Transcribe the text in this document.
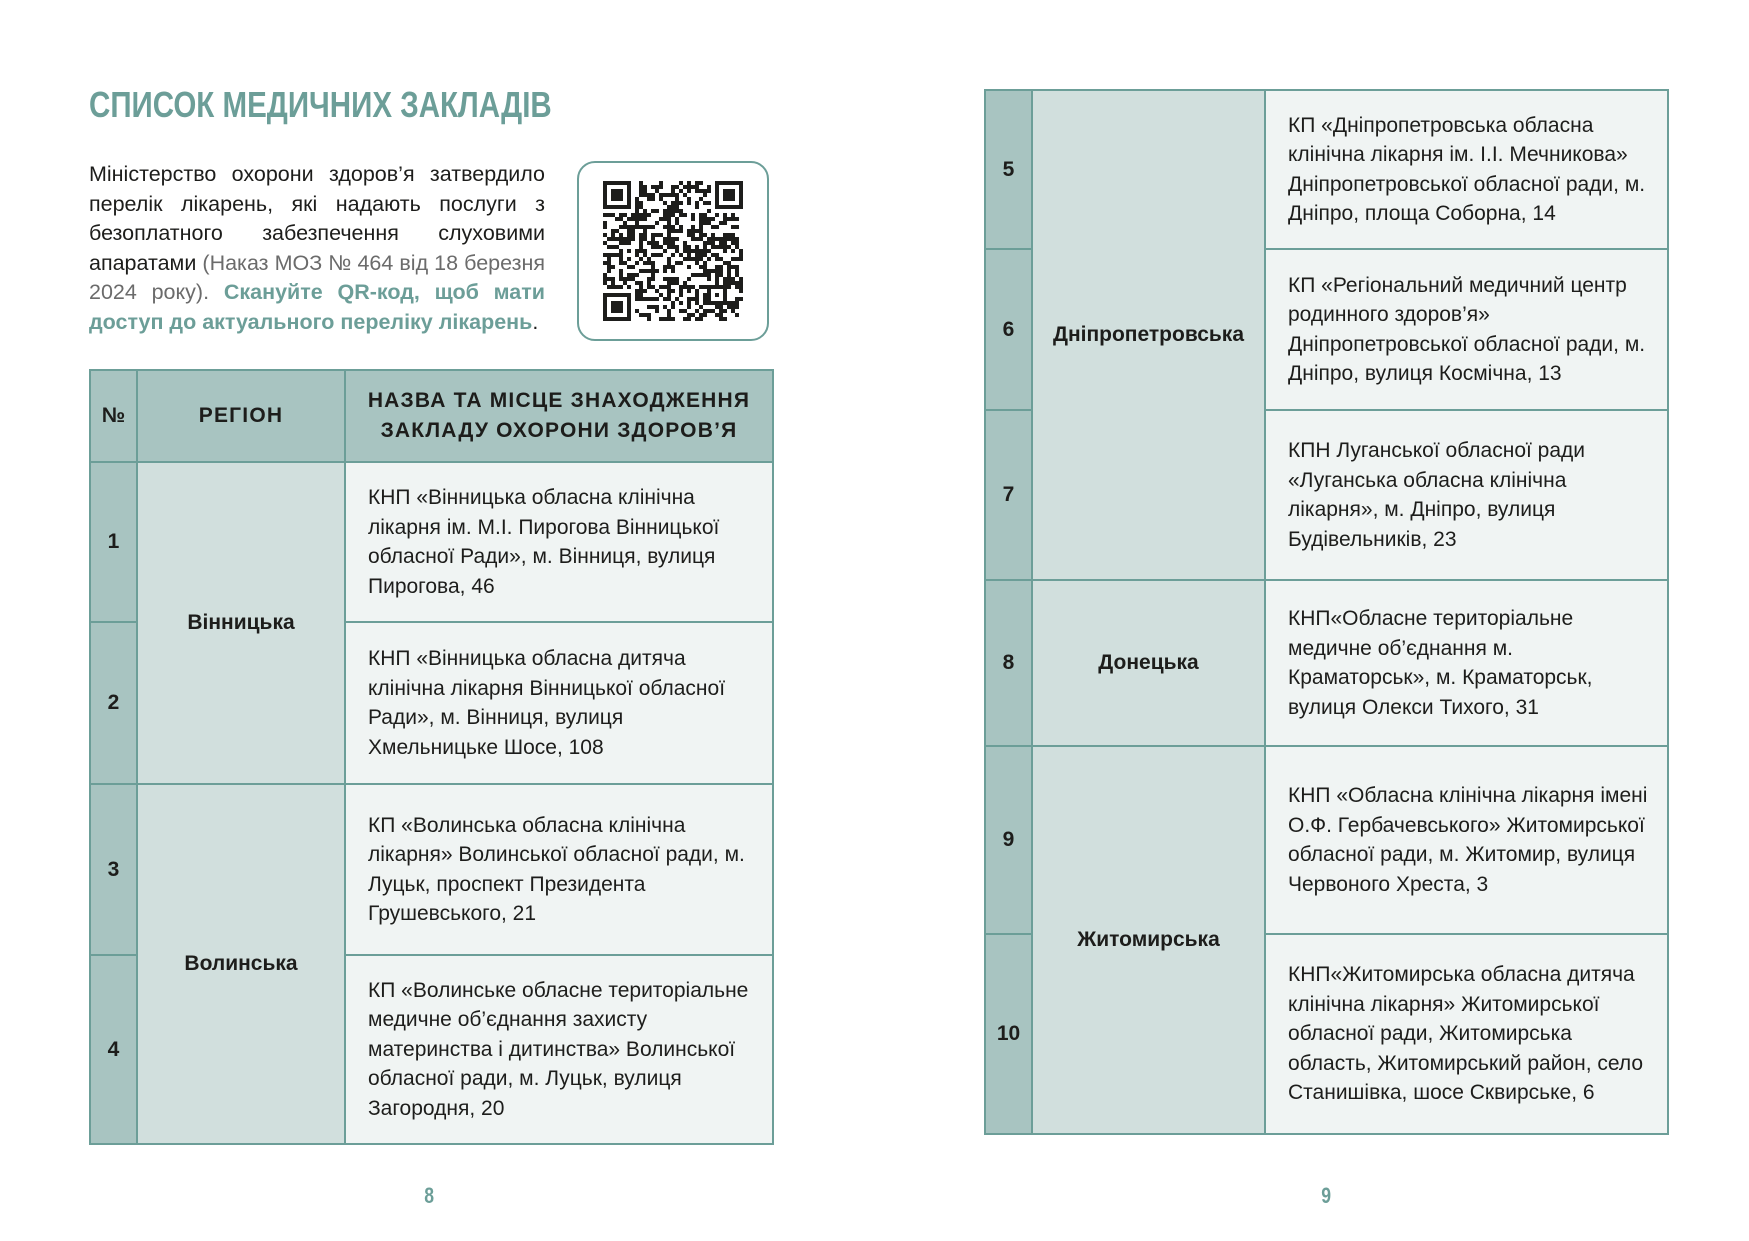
СПИСОК МЕДИЧНИХ ЗАКЛАДІВ
Міністерство охорони здоров’я затвердило перелік лікарень, які надають послуги з безоплатного забезпечення слуховими апаратами (Наказ МОЗ № 464 від 18 березня 2024 року). Скануйте QR-код, щоб мати доступ до актуального переліку лікарень.
№	РЕГІОН	НАЗВА ТА МІСЦЕ ЗНАХОДЖЕННЯ ЗАКЛАДУ ОХОРОНИ ЗДОРОВ’Я
1	Вінницька	КНП «Вінницька обласна клінічна лікарня ім. М.І. Пирогова Вінницької обласної Ради», м. Вінниця, вулиця Пирогова, 46
2		КНП «Вінницька обласна дитяча клінічна лікарня Вінницької обласної Ради», м. Вінниця, вулиця Хмельницьке Шосе, 108
3	Волинська	КП «Волинська обласна клінічна лікарня» Волинської обласної ради, м. Луцьк, проспект Президента Грушевського, 21
4		КП «Волинське обласне територіальне медичне об’єднання захисту материнства і дитинства» Волинської обласної ради, м. Луцьк, вулиця Загородня, 20
8
5	Дніпропетровська	КП «Дніпропетровська обласна клінічна лікарня ім. І.І. Мечникова» Дніпропетровської обласної ради, м. Дніпро, площа Соборна, 14
6		КП «Регіональний медичний центр родинного здоров’я» Дніпропетровської обласної ради, м. Дніпро, вулиця Космічна, 13
7		КПН Луганської обласної ради «Луганська обласна клінічна лікарня», м. Дніпро, вулиця Будівельників, 23
8	Донецька	КНП«Обласне територіальне медичне об’єднання м. Краматорськ», м. Краматорськ, вулиця Олекси Тихого, 31
9	Житомирська	КНП «Обласна клінічна лікарня імені О.Ф. Гербачевського» Житомирської обласної ради, м. Житомир, вулиця Червоного Хреста, 3
10		КНП«Житомирська обласна дитяча клінічна лікарня» Житомирської обласної ради, Житомирська область, Житомирський район, село Станишівка, шосе Сквирське, 6
9
